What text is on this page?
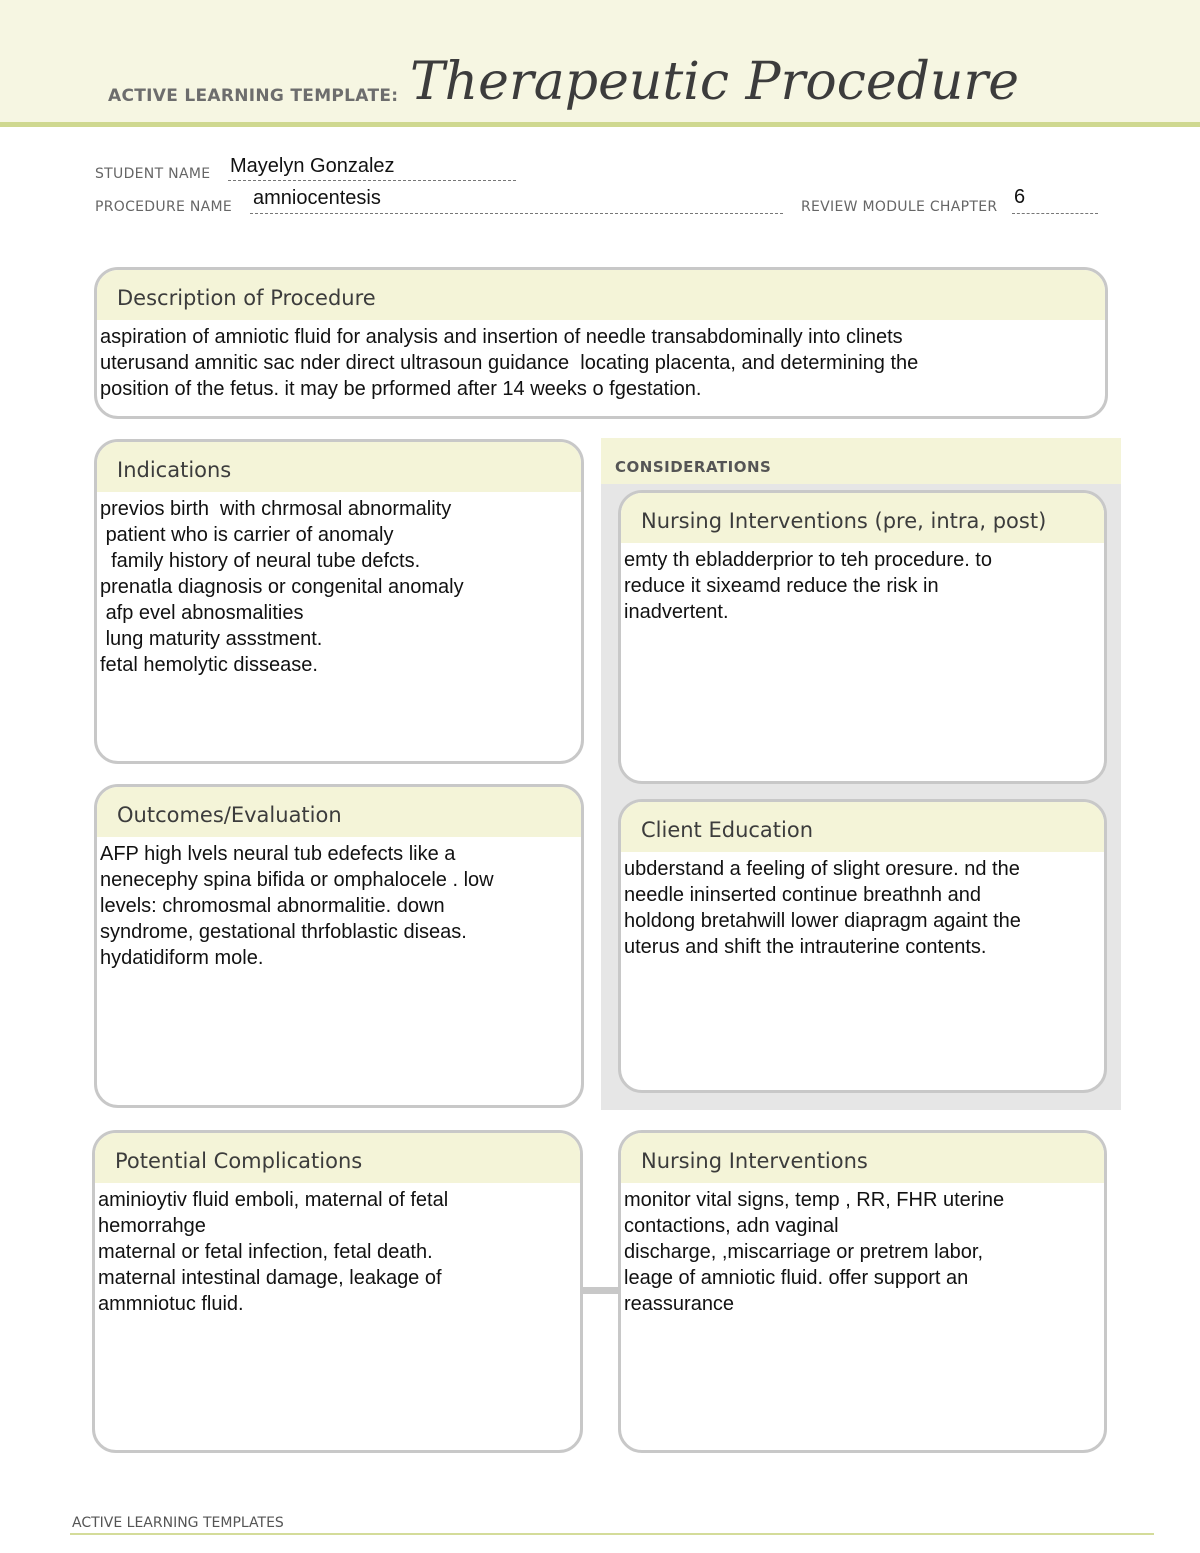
ACTIVE LEARNING TEMPLATE: Therapeutic Procedure
STUDENT NAME Mayelyn Gonzalez
PROCEDURE NAME amniocentesis	REVIEW MODULE CHAPTER 6
Description of Procedure
aspiration of amniotic fluid for analysis and insertion of needle transabdominally into clinets
uterusand amnitic sac nder direct ultrasoun guidance  locating placenta, and determining the
position of the fetus. it may be prformed after 14 weeks o fgestation.
Indications
previos birth  with chrmosal abnormality
patient who is carrier of anomaly
family history of neural tube defcts.
prenatla diagnosis or congenital anomaly
afp evel abnosmalities
lung maturity assstment.
fetal hemolytic dissease.
CONSIDERATIONS
Nursing Interventions (pre, intra, post)
emty th ebladderprior to teh procedure. to
reduce it sixeamd reduce the risk in
inadvertent.
Outcomes/Evaluation
AFP high lvels neural tub edefects like a
nenecephy spina bifida or omphalocele . low
levels: chromosmal abnormalitie. down
syndrome, gestational thrfoblastic diseas.
hydatidiform mole.
Client Education
ubderstand a feeling of slight oresure. nd the
needle ininserted continue breathnh and
holdong bretahwill lower diapragm againt the
uterus and shift the intrauterine contents.
Potential Complications
aminioytiv fluid emboli, maternal of fetal
hemorrahge
maternal or fetal infection, fetal death.
maternal intestinal damage, leakage of
ammniotuc fluid.
Nursing Interventions
monitor vital signs, temp , RR, FHR uterine
contactions, adn vaginal
discharge, ,miscarriage or pretrem labor,
leage of amniotic fluid. offer support an
reassurance
ACTIVE LEARNING TEMPLATES
